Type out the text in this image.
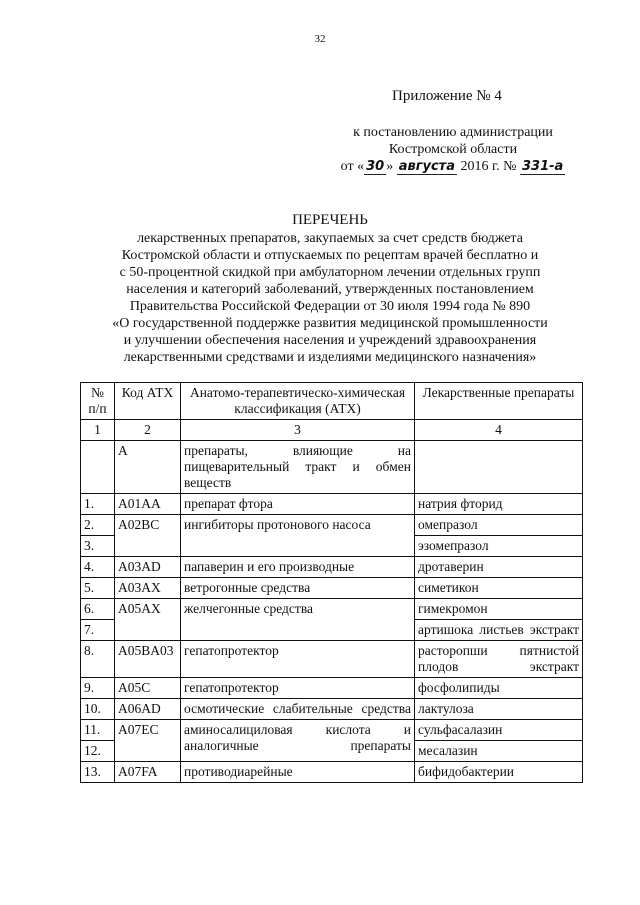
32
Приложение № 4
к постановлению администрации
Костромской области
от « 30 » августа 2016 г. № 331-а
ПЕРЕЧЕНЬ
лекарственных препаратов, закупаемых за счет средств бюджета
Костромской области и отпускаемых по рецептам врачей бесплатно и
с 50-процентной скидкой при амбулаторном лечении отдельных групп
населения и категорий заболеваний, утвержденных постановлением
Правительства Российской Федерации от 30 июля 1994 года № 890
«О государственной поддержке развития медицинской промышленности
и улучшении обеспечения населения и учреждений здравоохранения
лекарственными средствами и изделиями медицинского назначения»
№ п/п	Код АТХ	Анатомо-терапевтическо-химическая классификация (АТХ)	Лекарственные препараты
1	2	3	4
	А	препараты, влияющие на пищеварительный тракт и обмен веществ	
1.	A01AA	препарат фтора	натрия фторид
2.	A02BC	ингибиторы протонового насоса	омепразол
3.			эзомепразол
4.	A03AD	папаверин и его производные	дротаверин
5.	A03AX	ветрогонные средства	симетикон
6.	A05AX	желчегонные средства	гимекромон
7.			артишока листьев экстракт
8.	A05BA03	гепатопротектор	расторопши пятнистой плодов экстракт
9.	A05C	гепатопротектор	фосфолипиды
10.	A06AD	осмотические слабительные средства	лактулоза
11.	A07EC	аминосалициловая кислота и аналогичные препараты	сульфасалазин
12.			месалазин
13.	A07FA	противодиарейные	бифидобактерии
